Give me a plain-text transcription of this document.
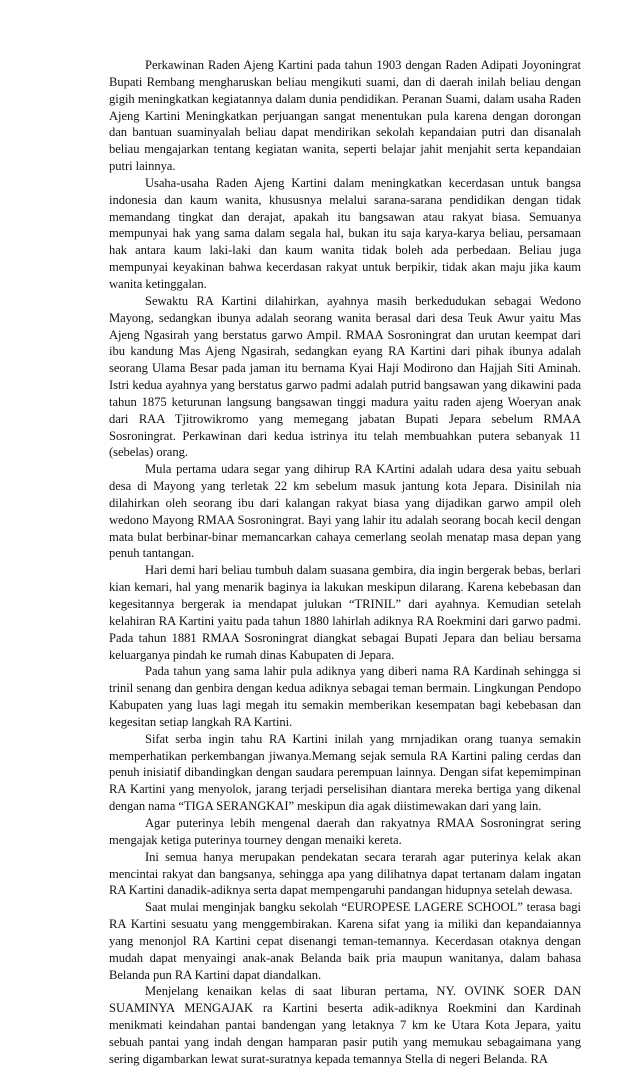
Perkawinan Raden Ajeng Kartini pada tahun 1903 dengan Raden Adipati Joyoningrat Bupati Rembang mengharuskan beliau mengikuti suami, dan di daerah inilah beliau dengan gigih meningkatkan kegiatannya dalam dunia pendidikan. Peranan Suami, dalam usaha Raden Ajeng Kartini Meningkatkan perjuangan sangat menentukan pula karena dengan dorongan dan bantuan suaminyalah beliau dapat mendirikan sekolah kepandaian putri dan disanalah beliau mengajarkan tentang kegiatan wanita, seperti belajar jahit menjahit serta kepandaian putri lainnya.

Usaha-usaha Raden Ajeng Kartini dalam meningkatkan kecerdasan untuk bangsa indonesia dan kaum wanita, khususnya melalui sarana-sarana pendidikan dengan tidak memandang tingkat dan derajat, apakah itu bangsawan atau rakyat biasa. Semuanya mempunyai hak yang sama dalam segala hal, bukan itu saja karya-karya beliau, persamaan hak antara kaum laki-laki dan kaum wanita tidak boleh ada perbedaan. Beliau juga mempunyai keyakinan bahwa kecerdasan rakyat untuk berpikir, tidak akan maju jika kaum wanita ketinggalan.

Sewaktu RA Kartini dilahirkan, ayahnya masih berkedudukan sebagai Wedono Mayong, sedangkan ibunya adalah seorang wanita berasal dari desa Teuk Awur yaitu Mas Ajeng Ngasirah yang berstatus garwo Ampil. RMAA Sosroningrat dan urutan keempat dari ibu kandung Mas Ajeng Ngasirah, sedangkan eyang RA Kartini dari pihak ibunya adalah seorang Ulama Besar pada jaman itu bernama Kyai Haji Modirono dan Hajjah Siti Aminah. Istri kedua ayahnya yang berstatus garwo padmi adalah putrid bangsawan yang dikawini pada tahun 1875 keturunan langsung bangsawan tinggi madura yaitu raden ajeng Woeryan anak dari RAA Tjitrowikromo yang memegang jabatan Bupati Jepara sebelum RMAA Sosroningrat. Perkawinan dari kedua istrinya itu telah membuahkan putera sebanyak 11 (sebelas) orang.

Mula pertama udara segar yang dihirup RA KArtini adalah udara desa yaitu sebuah desa di Mayong yang terletak 22 km sebelum masuk jantung kota Jepara. Disinilah nia dilahirkan oleh seorang ibu dari kalangan rakyat biasa yang dijadikan garwo ampil oleh wedono Mayong RMAA Sosroningrat. Bayi yang lahir itu adalah seorang bocah kecil dengan mata bulat berbinar-binar memancarkan cahaya cemerlang seolah menatap masa depan yang penuh tantangan.

Hari demi hari beliau tumbuh dalam suasana gembira, dia ingin bergerak bebas, berlari kian kemari, hal yang menarik baginya ia lakukan meskipun dilarang. Karena kebebasan dan kegesitannya bergerak ia mendapat julukan “TRINIL” dari ayahnya. Kemudian setelah kelahiran RA Kartini yaitu pada tahun 1880 lahirlah adiknya RA Roekmini dari garwo padmi. Pada tahun 1881 RMAA Sosroningrat diangkat sebagai Bupati Jepara dan beliau bersama keluarganya pindah ke rumah dinas Kabupaten di Jepara.

Pada tahun yang sama lahir pula adiknya yang diberi nama RA Kardinah sehingga si trinil senang dan genbira dengan kedua adiknya sebagai teman bermain. Lingkungan Pendopo Kabupaten yang luas lagi megah itu semakin memberikan kesempatan bagi kebebasan dan kegesitan setiap langkah RA Kartini.

Sifat serba ingin tahu RA Kartini inilah yang mrnjadikan orang tuanya semakin memperhatikan perkembangan jiwanya.Memang sejak semula RA Kartini paling cerdas dan penuh inisiatif dibandingkan dengan saudara perempuan lainnya. Dengan sifat kepemimpinan RA Kartini yang menyolok, jarang terjadi perselisihan diantara mereka bertiga yang dikenal dengan nama “TIGA SERANGKAI” meskipun dia agak diistimewakan dari yang lain.

Agar puterinya lebih mengenal daerah dan rakyatnya RMAA Sosroningrat sering mengajak ketiga puterinya tourney dengan menaiki kereta.

Ini semua hanya merupakan pendekatan secara terarah agar puterinya kelak akan mencintai rakyat dan bangsanya, sehingga apa yang dilihatnya dapat tertanam dalam ingatan RA Kartini danadik-adiknya serta dapat mempengaruhi pandangan hidupnya setelah dewasa.

Saat mulai menginjak bangku sekolah “EUROPESE LAGERE SCHOOL” terasa bagi RA Kartini sesuatu yang menggembirakan. Karena sifat yang ia miliki dan kepandaiannya yang menonjol RA Kartini cepat disenangi teman-temannya. Kecerdasan otaknya dengan mudah dapat menyaingi anak-anak Belanda baik pria maupun wanitanya, dalam bahasa Belanda pun RA Kartini dapat diandalkan.

Menjelang kenaikan kelas di saat liburan pertama, NY. OVINK SOER DAN SUAMINYA MENGAJAK ra Kartini beserta adik-adiknya Roekmini dan Kardinah menikmati keindahan pantai bandengan yang letaknya 7 km ke Utara Kota Jepara, yaitu sebuah pantai yang indah dengan hamparan pasir putih yang memukau sebagaimana yang sering digambarkan lewat surat-suratnya kepada temannya Stella di negeri Belanda. RA
